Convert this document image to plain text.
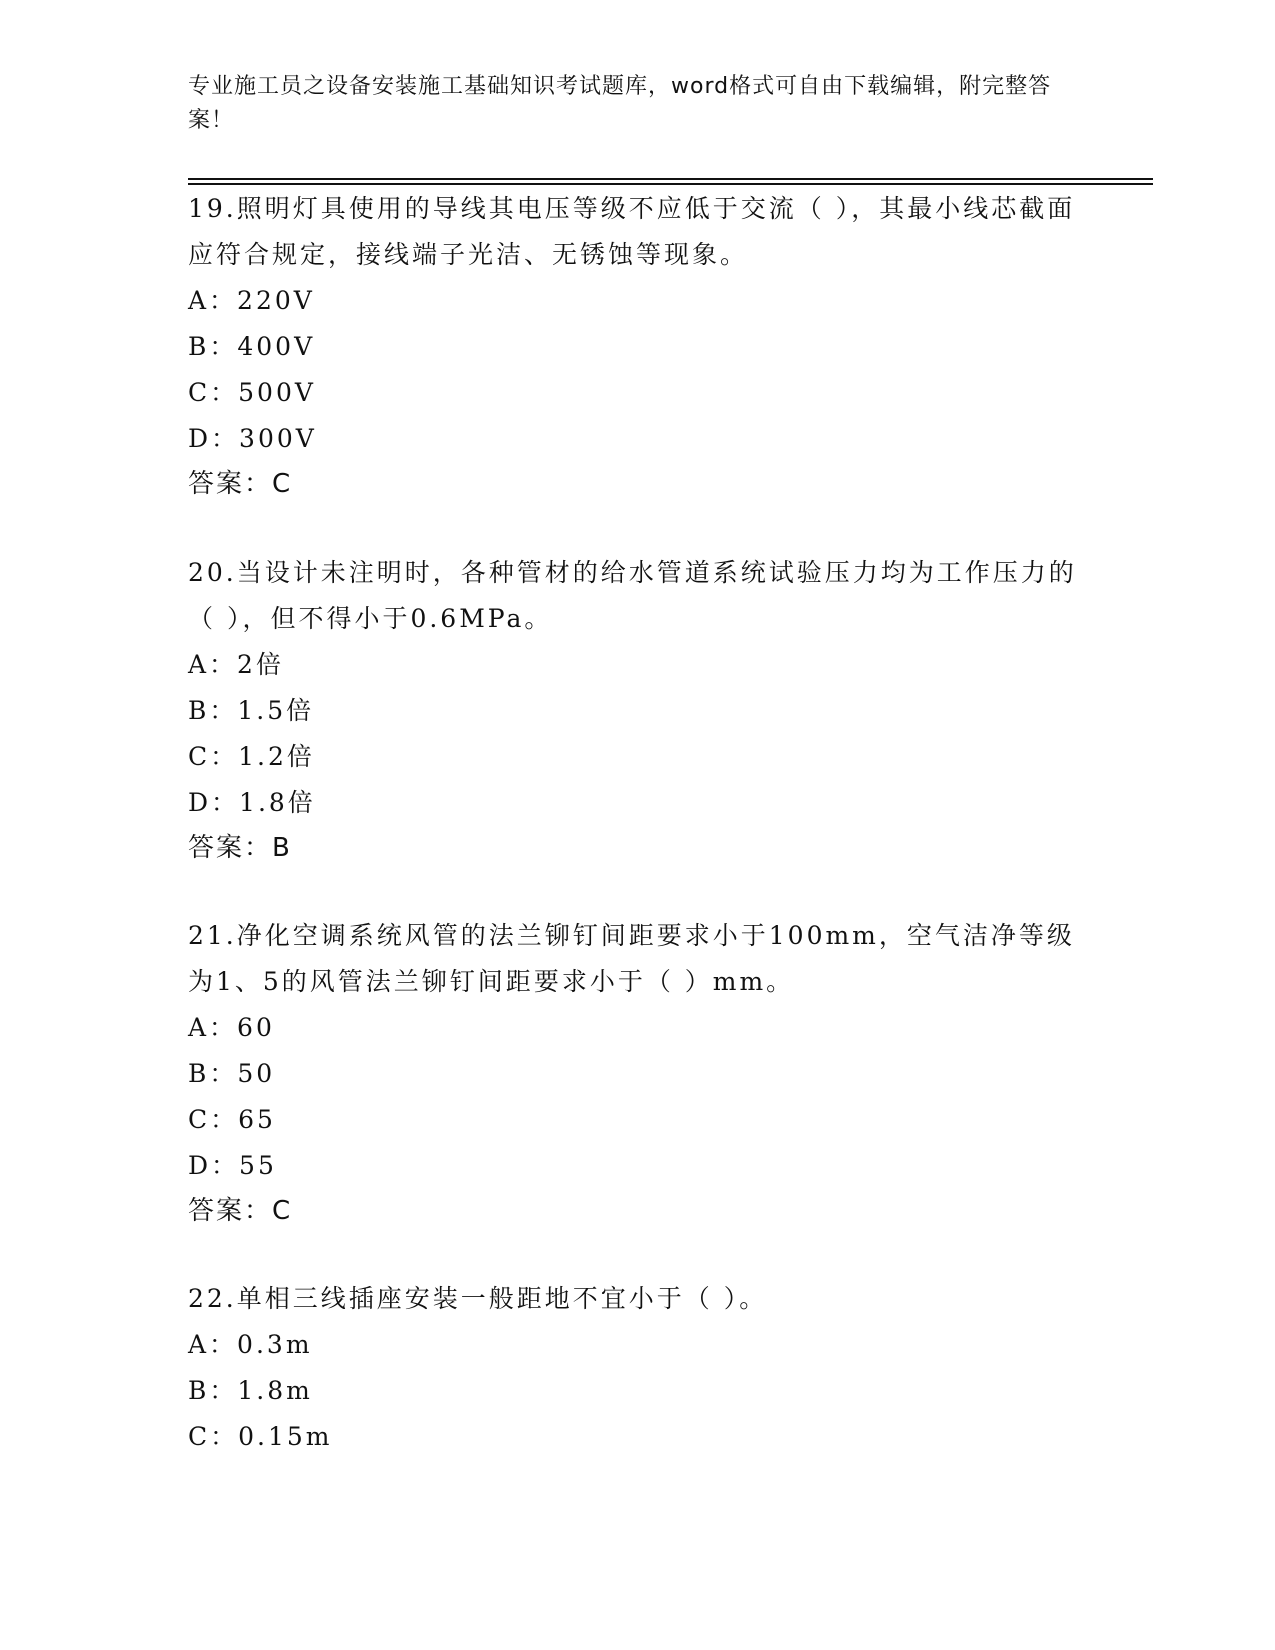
专业施工员之设备安装施工基础知识考试题库，word格式可自由下载编辑，附完整答案！
19.照明灯具使用的导线其电压等级不应低于交流（ ），其最小线芯截面应符合规定，接线端子光洁、无锈蚀等现象。
A：220V
B：400V
C：500V
D：300V
答案：C
20.当设计未注明时，各种管材的给水管道系统试验压力均为工作压力的（ ），但不得小于0.6MPa。
A：2倍
B：1.5倍
C：1.2倍
D：1.8倍
答案：B
21.净化空调系统风管的法兰铆钉间距要求小于100mm，空气洁净等级为1、5的风管法兰铆钉间距要求小于（ ）mm。
A：60
B：50
C：65
D：55
答案：C
22.单相三线插座安装一般距地不宜小于（ ）。
A：0.3m
B：1.8m
C：0.15m
